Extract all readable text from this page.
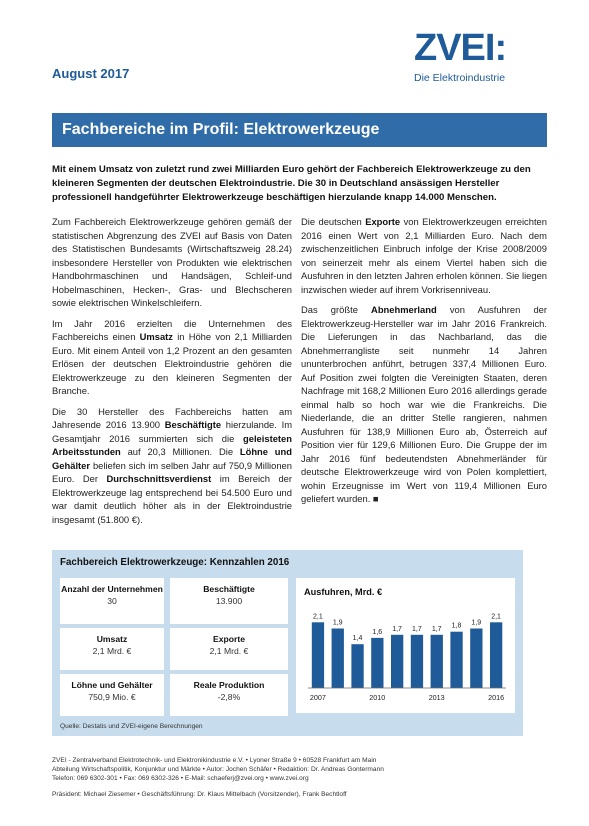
August 2017
ZVEI:
Die Elektroindustrie
Fachbereiche im Profil: Elektrowerkzeuge
Mit einem Umsatz von zuletzt rund zwei Milliarden Euro gehört der Fachbereich Elektrowerkzeuge zu den kleineren Segmenten der deutschen Elektroindustrie. Die 30 in Deutschland ansässigen Hersteller professionell handgeführter Elektrowerkzeuge beschäftigen hierzulande knapp 14.000 Menschen.

Zum Fachbereich Elektrowerkzeuge gehören gemäß der statistischen Abgrenzung des ZVEI auf Basis von Daten des Statistischen Bundesamts (Wirtschaftszweig 28.24) insbesondere Hersteller von Produkten wie elektrischen Handbohrmaschinen und Handsägen, Schleif-und Hobelmaschinen, Hecken-, Gras- und Blechscheren sowie elektrischen Winkelschleifern.

Im Jahr 2016 erzielten die Unternehmen des Fachbereichs einen Umsatz in Höhe von 2,1 Milliarden Euro. Mit einem Anteil von 1,2 Prozent an den gesamten Erlösen der deutschen Elektroindustrie gehören die Elektrowerkzeuge zu den kleineren Segmenten der Branche.

Die 30 Hersteller des Fachbereichs hatten am Jahresende 2016 13.900 Beschäftigte hierzulande. Im Gesamtjahr 2016 summierten sich die geleisteten Arbeitsstunden auf 20,3 Millionen. Die Löhne und Gehälter beliefen sich im selben Jahr auf 750,9 Millionen Euro. Der Durchschnittsverdienst im Bereich der Elektrowerkzeuge lag entsprechend bei 54.500 Euro und war damit deutlich höher als in der Elektroindustrie insgesamt (51.800 €).

Die deutschen Exporte von Elektrowerkzeugen erreichten 2016 einen Wert von 2,1 Milliarden Euro. Nach dem zwischenzeitlichen Einbruch infolge der Krise 2008/2009 von seinerzeit mehr als einem Viertel haben sich die Ausfuhren in den letzten Jahren erholen können. Sie liegen inzwischen wieder auf ihrem Vorkrisenniveau.

Das größte Abnehmerland von Ausfuhren der Elektrowerkzeug-Hersteller war im Jahr 2016 Frankreich. Die Lieferungen in das Nachbarland, das die Abnehmerrangliste seit nunmehr 14 Jahren ununterbrochen anführt, betrugen 337,4 Millionen Euro. Auf Position zwei folgten die Vereinigten Staaten, deren Nachfrage mit 168,2 Millionen Euro 2016 allerdings gerade einmal halb so hoch war wie die Frankreichs. Die Niederlande, die an dritter Stelle rangieren, nahmen Ausfuhren für 138,9 Millionen Euro ab, Österreich auf Position vier für 129,6 Millionen Euro. Die Gruppe der im Jahr 2016 fünf bedeutendsten Abnehmerländer für deutsche Elektrowerkzeuge wird von Polen komplettiert, wohin Erzeugnisse im Wert von 119,4 Millionen Euro geliefert wurden. ■

Fachbereich Elektrowerkzeuge: Kennzahlen 2016
Anzahl der Unternehmen
30
Beschäftigte
13.900
Umsatz
2,1 Mrd. €
Exporte
2,1 Mrd. €
Löhne und Gehälter
750,9 Mio. €
Reale Produktion
-2,8%
Ausfuhren, Mrd. €
2,1
2007
1,9
1,4
1,6
2010
1,7 1,7 1,7
2013
1,8 1,9
2,1
2016
Quelle: Destatis und ZVEI-eigene Berechnungen
ZVEI - Zentralverband Elektrotechnik- und Elektronikindustrie e.V. • Lyoner Straße 9 • 60528 Frankfurt am Main
Abteilung Wirtschaftspolitik, Konjunktur und Märkte • Autor: Jochen Schäfer • Redaktion: Dr. Andreas Gontermann
Telefon: 069 6302-301 • Fax: 069 6302-326 • E-Mail: schaeferj@zvei.org • www.zvei.org
Präsident: Michael Ziesemer • Geschäftsführung: Dr. Klaus Mittelbach (Vorsitzender), Frank Bechtloff
